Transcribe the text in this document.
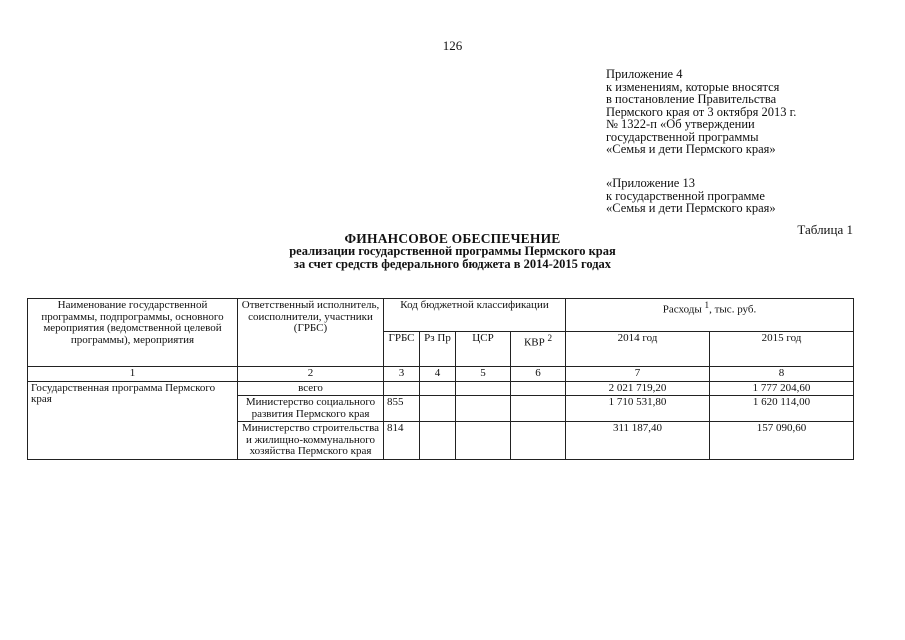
126
Приложение 4
к изменениям, которые вносятся
в постановление Правительства
Пермского края от 3 октября 2013 г.
№ 1322-п «Об утверждении
государственной программы
«Семья и дети Пермского края»
«Приложение 13
к государственной программе
«Семья и дети Пермского края»
Таблица 1
ФИНАНСОВОЕ ОБЕСПЕЧЕНИЕ
реализации государственной программы Пермского края
за счет средств федерального бюджета в 2014-2015 годах
Наименование государственной программы, подпрограммы, основного мероприятия (ведомственной целевой программы), мероприятия	Ответственный исполнитель, соисполнители, участники (ГРБС)	Код бюджетной классификации				Расходы $^1$, тыс. руб.	
		ГРБС	Рз Пр	ЦСР	КВР $^2$	2014 год	2015 год
1	2	3	4	5	6	7	8
Государственная программа Пермского края	всего					2 021 719,20	1 777 204,60
	Министерство социального развития Пермского края	855				1 710 531,80	1 620 114,00
	Министерство строительства и жилищно-коммунального хозяйства Пермского края	814				311 187,40	157 090,60
